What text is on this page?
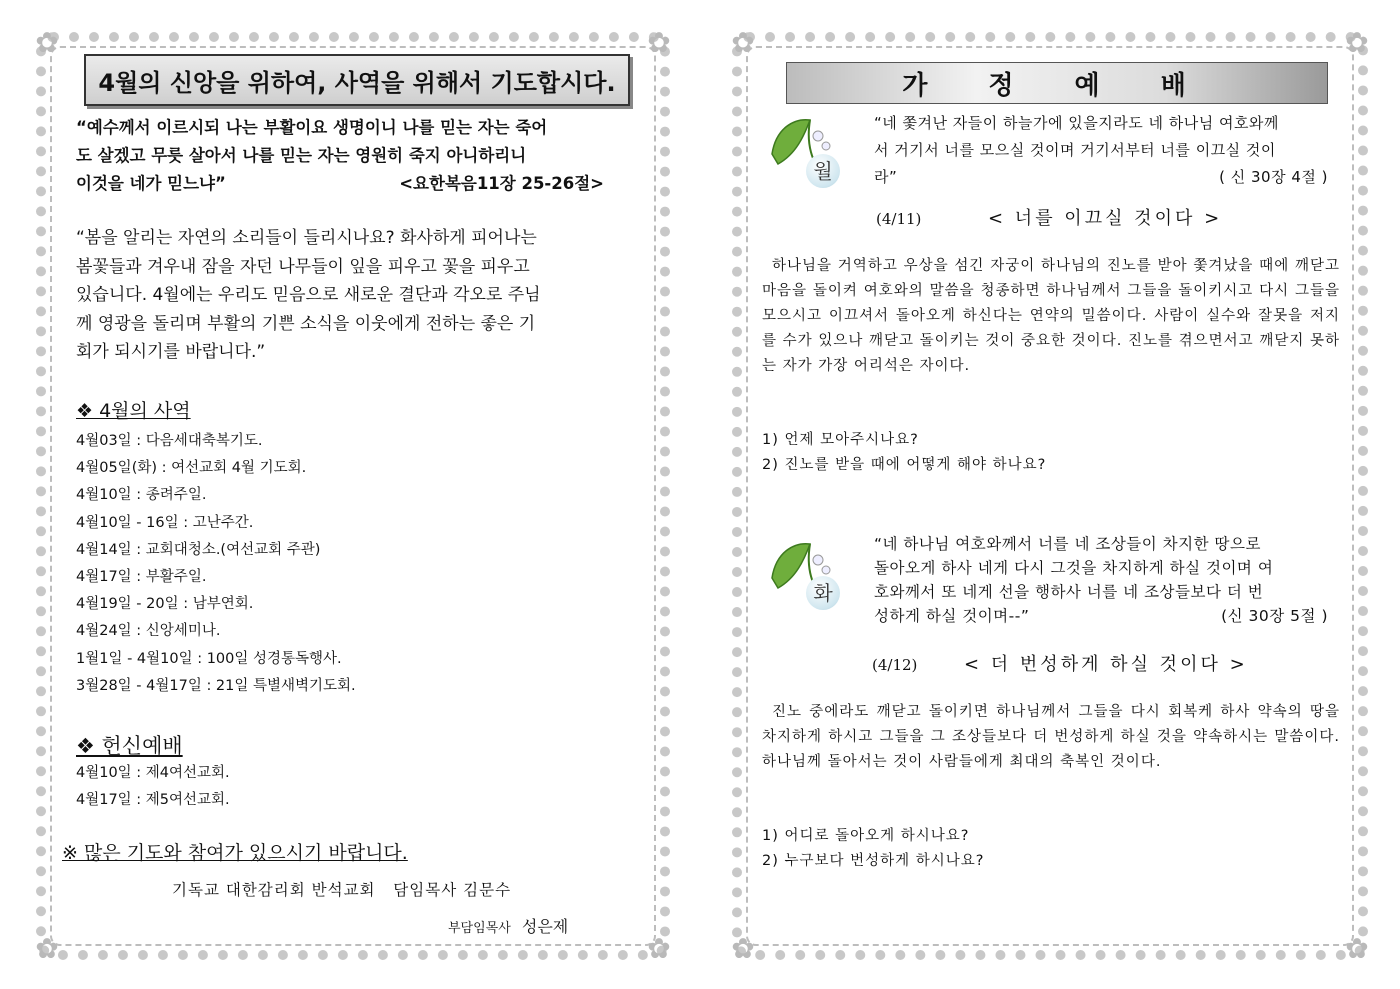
✿	✿
✿	✿
4월의 신앙을 위하여, 사역을 위해서 기도합시다.
“예수께서 이르시되 나는 부활이요 생명이니 나를 믿는 자는 죽어
도 살겠고 무릇 살아서 나를 믿는 자는 영원히 죽지 아니하리니
이것을 네가 믿느냐”	<요한복음11장 25-26절>
“봄을 알리는 자연의 소리들이 들리시나요? 화사하게 피어나는
봄꽃들과 겨우내 잠을 자던 나무들이 잎을 피우고 꽃을 피우고
있습니다. 4월에는 우리도 믿음으로 새로운 결단과 각오로 주님
께 영광을 돌리며 부활의 기쁜 소식을 이웃에게 전하는 좋은 기
회가 되시기를 바랍니다.”
❖ 4월의 사역
4월03일 : 다음세대축복기도.
4월05일(화) : 여선교회 4월 기도회.
4월10일 : 종려주일.
4월10일 - 16일 : 고난주간.
4월14일 : 교회대청소.(여선교회 주관)
4월17일 : 부활주일.
4월19일 - 20일 : 남부연회.
4월24일 : 신앙세미나.
1월1일 - 4월10일 : 100일 성경통독행사.
3월28일 - 4월17일 : 21일 특별새벽기도회.
❖ 헌신예배
4월10일 : 제4여선교회.
4월17일 : 제5여선교회.
※ 많은 기도와 참여가 있으시기 바랍니다.
기독교 대한감리회 반석교회   담임목사 김문수
부담임목사 성은제
✿	✿
✿	✿
가 정 예 배
월
“네 쫓겨난 자들이 하늘가에 있을지라도 네 하나님 여호와께
서 거기서 너를 모으실 것이며 거기서부터 너를 이끄실 것이
라”	( 신 30장 4절 )
(4/11)	< 너를 이끄실 것이다 >
하나님을 거역하고 우상을 섬긴 자궁이 하나님의 진노를 받아 쫓겨났을 때에 깨닫고 마음을 돌이켜 여호와의 말씀을 청종하면 하나님께서 그들을 돌이키시고 다시 그들을 모으시고 이끄셔서 돌아오게 하신다는 연약의 밀씀이다. 사람이 실수와 잘못을 저지를 수가 있으나 깨닫고 돌이키는 것이 중요한 것이다. 진노를 겪으면서고 깨닫지 못하는 자가 가장 어리석은 자이다.
1) 언제 모아주시나요?
2) 진노를 받을 때에 어떻게 해야 하나요?
화
“네 하나님 여호와께서 너를 네 조상들이 차지한 땅으로
돌아오게 하사 네게 다시 그것을 차지하게 하실 것이며 여
호와께서 또 네게 선을 행하사 너를 네 조상들보다 더 번
성하게 하실 것이며--”	(신 30장 5절 )
(4/12)	< 더 번성하게 하실 것이다 >
진노 중에라도 깨닫고 돌이키면 하나님께서 그들을 다시 회복케 하사 약속의 땅을 차지하게 하시고 그들을 그 조상들보다 더 번성하게 하실 것을 약속하시는 말씀이다. 하나님께 돌아서는 것이 사람들에게 최대의 축복인 것이다.
1) 어디로 돌아오게 하시나요?
2) 누구보다 번성하게 하시나요?
